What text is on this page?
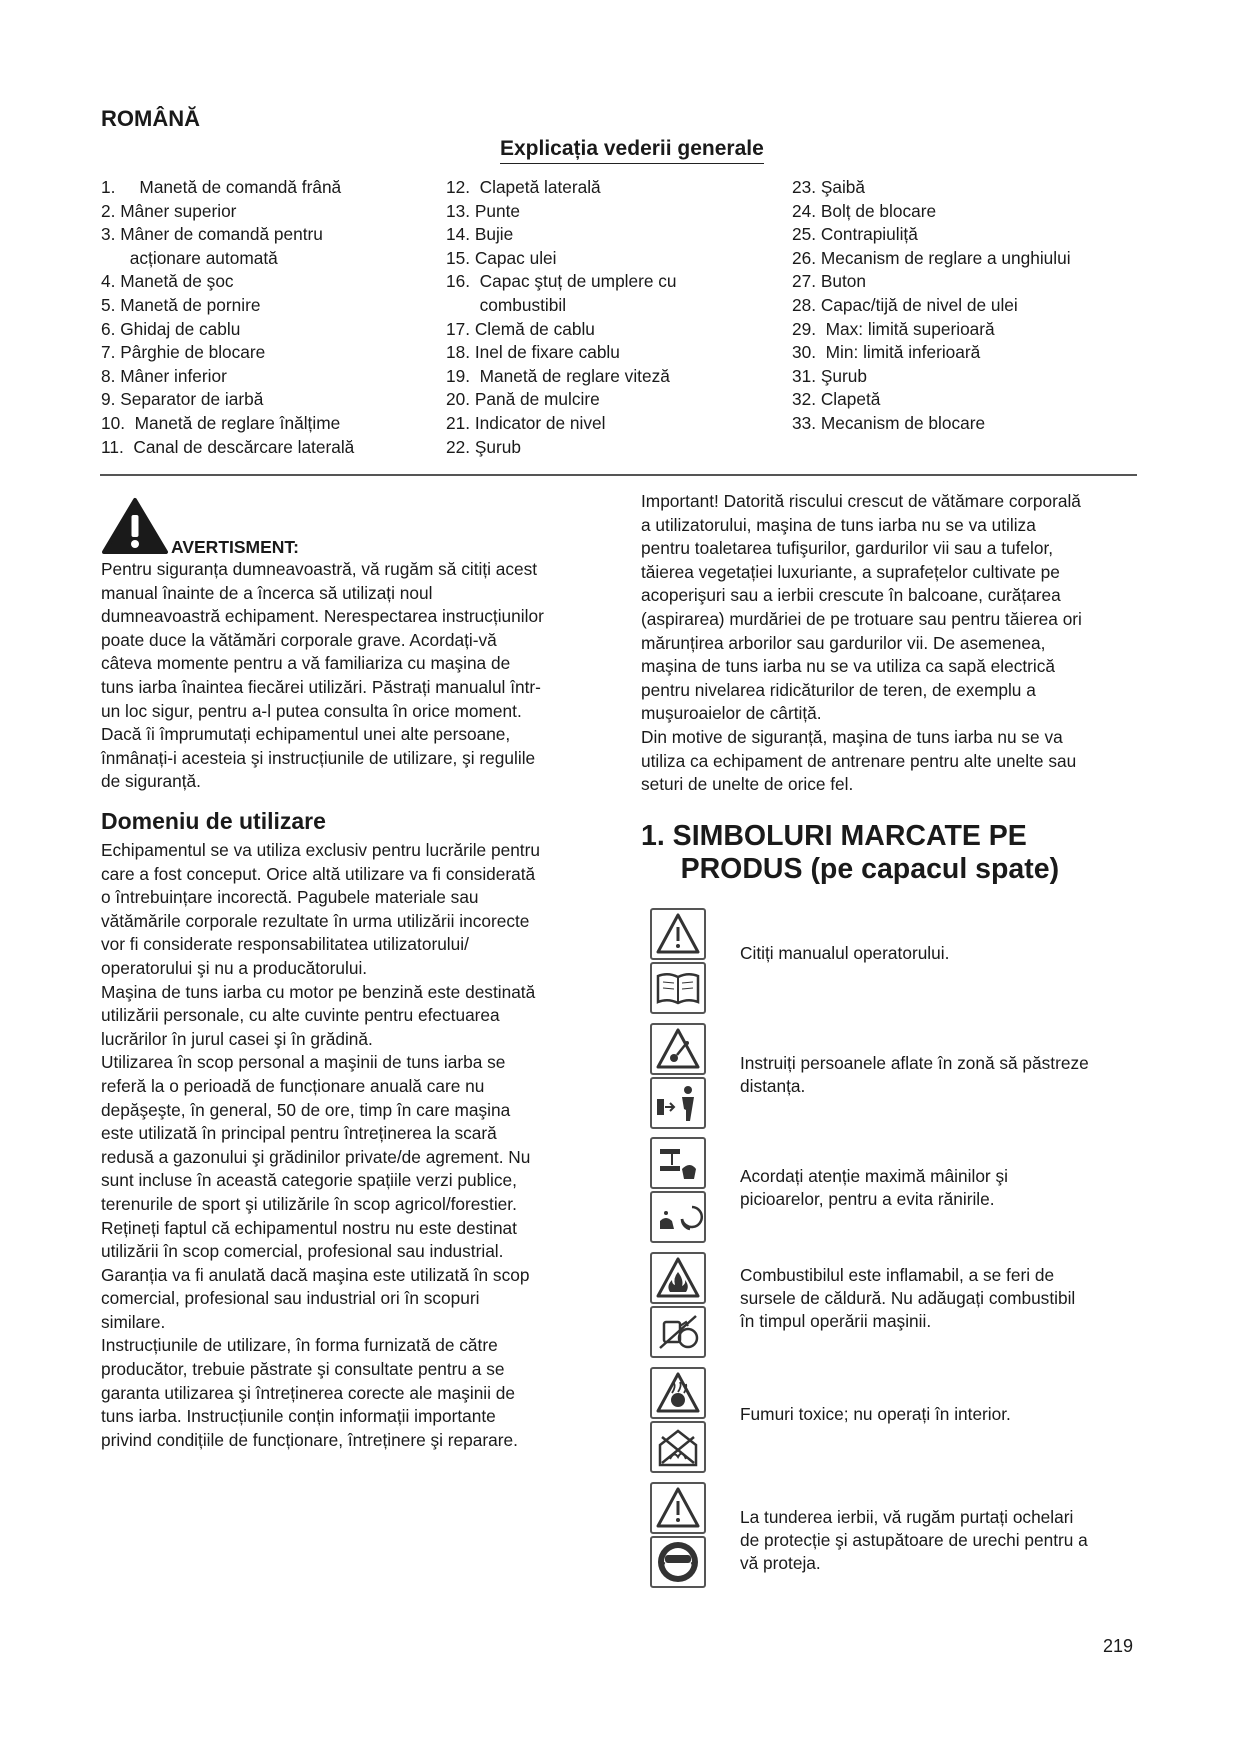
ROMÂNĂ
Explicația vederii generale
1.     Manetă de comandă frână
2. Mâner superior
3. Mâner de comandă pentru
acționare automată
4. Manetă de şoc
5. Manetă de pornire
6. Ghidaj de cablu
7. Pârghie de blocare
8. Mâner inferior
9. Separator de iarbă
10.  Manetă de reglare înălțime
11.  Canal de descărcare laterală
12.  Clapetă laterală
13. Punte
14. Bujie
15. Capac ulei
16.  Capac ştuț de umplere cu
combustibil
17. Clemă de cablu
18. Inel de fixare cablu
19.  Manetă de reglare viteză
20. Pană de mulcire
21. Indicator de nivel
22. Şurub
23. Şaibă
24. Bolț de blocare
25. Contrapiuliță
26. Mecanism de reglare a unghiului
27. Buton
28. Capac/tijă de nivel de ulei
29.  Max: limită superioară
30.  Min: limită inferioară
31. Şurub
32. Clapetă
33. Mecanism de blocare
AVERTISMENT:

Pentru siguranța dumneavoastră, vă rugăm să citiți acest
manual înainte de a încerca să utilizați noul
dumneavoastră echipament. Nerespectarea instrucțiunilor
poate duce la vătămări corporale grave. Acordați-vă
câteva momente pentru a vă familiariza cu maşina de
tuns iarba înaintea fiecărei utilizări. Păstrați manualul într-
un loc sigur, pentru a-l putea consulta în orice moment.
Dacă îi împrumutați echipamentul unei alte persoane,
înmânați-i acesteia şi instrucțiunile de utilizare, şi regulile
de siguranță.

Domeniu de utilizare

Echipamentul se va utiliza exclusiv pentru lucrările pentru
care a fost conceput. Orice altă utilizare va fi considerată
o întrebuințare incorectă. Pagubele materiale sau
vătămările corporale rezultate în urma utilizării incorecte
vor fi considerate responsabilitatea utilizatorului/
operatorului şi nu a producătorului.
Maşina de tuns iarba cu motor pe benzină este destinată
utilizării personale, cu alte cuvinte pentru efectuarea
lucrărilor în jurul casei şi în grădină.
Utilizarea în scop personal a maşinii de tuns iarba se
referă la o perioadă de funcționare anuală care nu
depăşeşte, în general, 50 de ore, timp în care maşina
este utilizată în principal pentru întreținerea la scară
redusă a gazonului şi grădinilor private/de agrement. Nu
sunt incluse în această categorie spațiile verzi publice,
terenurile de sport şi utilizările în scop agricol/forestier.
Rețineți faptul că echipamentul nostru nu este destinat
utilizării în scop comercial, profesional sau industrial.
Garanția va fi anulată dacă maşina este utilizată în scop
comercial, profesional sau industrial ori în scopuri
similare.
Instrucțiunile de utilizare, în forma furnizată de către
producător, trebuie păstrate şi consultate pentru a se
garanta utilizarea şi întreținerea corecte ale maşinii de
tuns iarba. Instrucțiunile conțin informații importante
privind condițiile de funcționare, întreținere şi reparare.

Important! Datorită riscului crescut de vătămare corporală
a utilizatorului, maşina de tuns iarba nu se va utiliza
pentru toaletarea tufişurilor, gardurilor vii sau a tufelor,
tăierea vegetației luxuriante, a suprafețelor cultivate pe
acoperişuri sau a ierbii crescute în balcoane, curățarea
(aspirarea) murdăriei de pe trotuare sau pentru tăierea ori
mărunțirea arborilor sau gardurilor vii. De asemenea,
maşina de tuns iarba nu se va utiliza ca sapă electrică
pentru nivelarea ridicăturilor de teren, de exemplu a
muşuroaielor de cârtiță.
Din motive de siguranță, maşina de tuns iarba nu se va
utiliza ca echipament de antrenare pentru alte unelte sau
seturi de unelte de orice fel.

1. SIMBOLURI MARCATE PE
PRODUS (pe capacul spate)

Citiți manualul operatorului.

Instruiți persoanele aflate în zonă să păstreze
distanța.

Acordați atenție maximă mâinilor şi
picioarelor, pentru a evita rănirile.

Combustibilul este inflamabil, a se feri de
sursele de căldură. Nu adăugați combustibil
în timpul operării maşinii.

Fumuri toxice; nu operați în interior.

La tunderea ierbii, vă rugăm purtați ochelari
de protecție şi astupătoare de urechi pentru a
vă proteja.

219
